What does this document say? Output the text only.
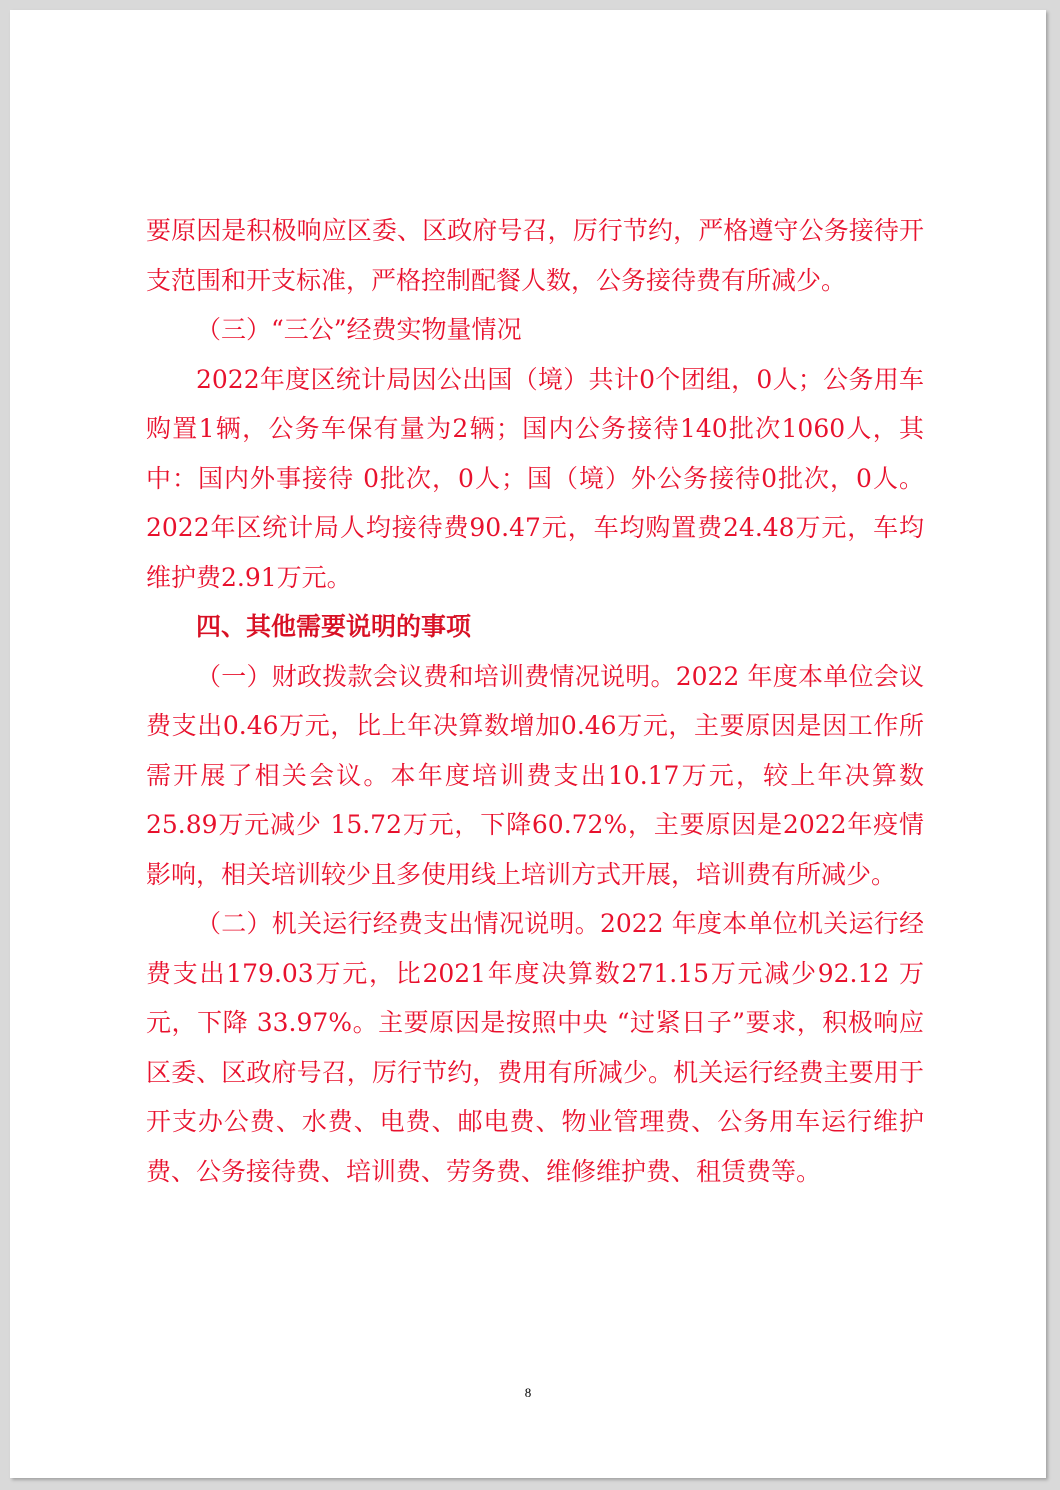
要原因是积极响应区委、区政府号召，厉行节约，严格遵守公务接待开支范围和开支标准，严格控制配餐人数，公务接待费有所减少。

（三）“三公”经费实物量情况

2022年度区统计局因公出国（境）共计0个团组，0人；公务用车购置1辆，公务车保有量为2辆；国内公务接待140批次1060人，其中：国内外事接待 0批次，0人；国（境）外公务接待0批次，0人。2022年区统计局人均接待费90.47元，车均购置费24.48万元，车均维护费2.91万元。

四、其他需要说明的事项

（一）财政拨款会议费和培训费情况说明。2022 年度本单位会议费支出0.46万元，比上年决算数增加0.46万元，主要原因是因工作所需开展了相关会议。本年度培训费支出10.17万元，较上年决算数25.89万元减少 15.72万元，下降60.72%，主要原因是2022年疫情影响，相关培训较少且多使用线上培训方式开展，培训费有所减少。

（二）机关运行经费支出情况说明。2022 年度本单位机关运行经费支出179.03万元，比2021年度决算数271.15万元减少92.12 万元，下降 33.97%。主要原因是按照中央 “过紧日子”要求，积极响应区委、区政府号召，厉行节约，费用有所减少。机关运行经费主要用于开支办公费、水费、电费、邮电费、物业管理费、公务用车运行维护费、公务接待费、培训费、劳务费、维修维护费、租赁费等。

8
